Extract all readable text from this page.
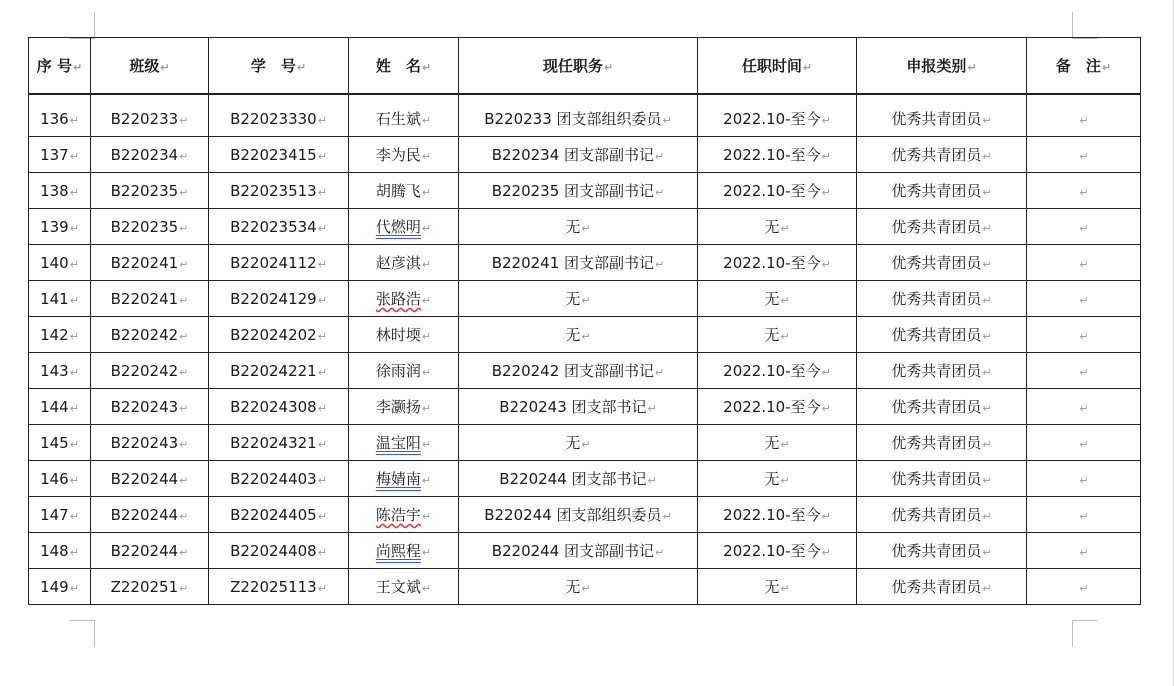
序 号↵	班级↵	学　号↵	姓　名↵	现任职务↵	任职时间↵	申报类别↵	备　注↵
136↵	B220233↵	B22023330↵	石生斌↵	B220233 团支部组织委员↵	2022.10-至今↵	优秀共青团员↵	↵
137↵	B220234↵	B22023415↵	李为民↵	B220234 团支部副书记↵	2022.10-至今↵	优秀共青团员↵	↵
138↵	B220235↵	B22023513↵	胡腾飞↵	B220235 团支部副书记↵	2022.10-至今↵	优秀共青团员↵	↵
139↵	B220235↵	B22023534↵	代燃明↵	无↵	无↵	优秀共青团员↵	↵
140↵	B220241↵	B22024112↵	赵彦淇↵	B220241 团支部副书记↵	2022.10-至今↵	优秀共青团员↵	↵
141↵	B220241↵	B22024129↵	张路浩↵	无↵	无↵	优秀共青团员↵	↵
142↵	B220242↵	B22024202↵	林时堧↵	无↵	无↵	优秀共青团员↵	↵
143↵	B220242↵	B22024221↵	徐雨润↵	B220242 团支部副书记↵	2022.10-至今↵	优秀共青团员↵	↵
144↵	B220243↵	B22024308↵	李灏扬↵	B220243 团支部书记↵	2022.10-至今↵	优秀共青团员↵	↵
145↵	B220243↵	B22024321↵	温宝阳↵	无↵	无↵	优秀共青团员↵	↵
146↵	B220244↵	B22024403↵	梅婧南↵	B220244 团支部书记↵	无↵	优秀共青团员↵	↵
147↵	B220244↵	B22024405↵	陈浩宇↵	B220244 团支部组织委员↵	2022.10-至今↵	优秀共青团员↵	↵
148↵	B220244↵	B22024408↵	尚熙程↵	B220244 团支部副书记↵	2022.10-至今↵	优秀共青团员↵	↵
149↵	Z220251↵	Z22025113↵	王文斌↵	无↵	无↵	优秀共青团员↵	↵
